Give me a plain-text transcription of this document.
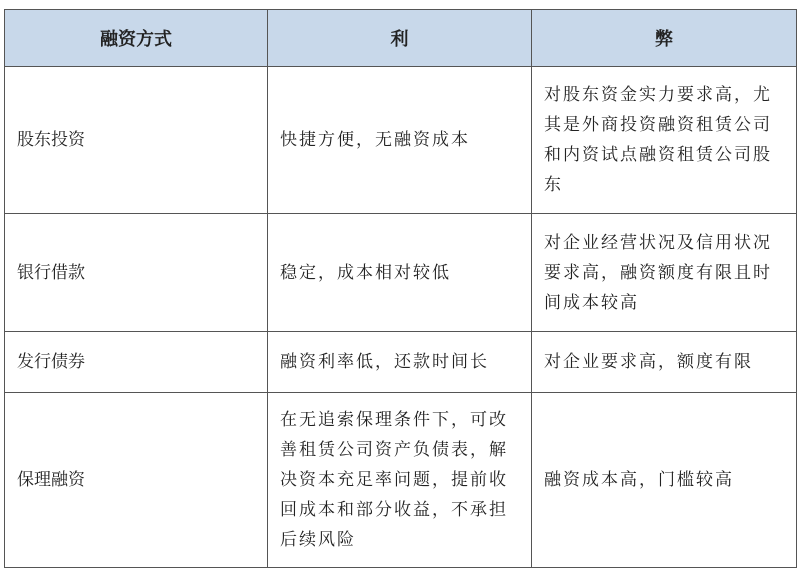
融资方式	利	弊

股东投资	快捷方便，无融资成本	对股东资金实力要求高，尤其是外商投资融资租赁公司和内资试点融资租赁公司股东

银行借款	稳定，成本相对较低	对企业经营状况及信用状况要求高，融资额度有限且时间成本较高

发行债券	融资利率低，还款时间长	对企业要求高，额度有限

保理融资	在无追索保理条件下，可改善租赁公司资产负债表，解决资本充足率问题，提前收回成本和部分收益，不承担后续风险	融资成本高，门槛较高
